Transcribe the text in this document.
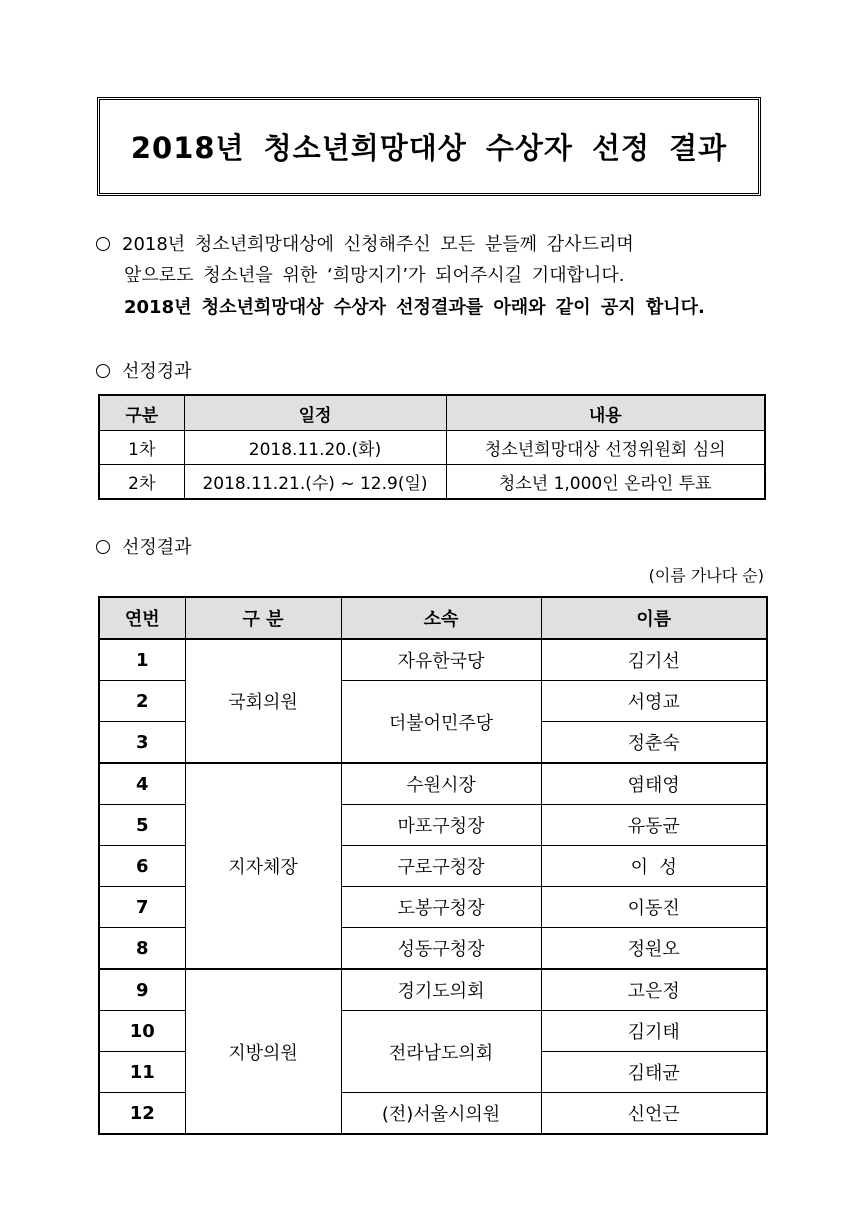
2018년 청소년희망대상 수상자 선정 결과
2018년 청소년희망대상에 신청해주신 모든 분들께 감사드리며
앞으로도 청소년을 위한 ‘희망지기’가 되어주시길 기대합니다.
2018년 청소년희망대상 수상자 선정결과를 아래와 같이 공지 합니다.
선정경과
구분	일정	내용
1차	2018.11.20.(화)	청소년희망대상 선정위원회 심의
2차	2018.11.21.(수) ~ 12.9(일)	청소년 1,000인 온라인 투표
선정결과
(이름 가나다 순)
연번	구 분	소속	이름
1	국회의원	자유한국당	김기선
2		더불어민주당	서영교
3			정춘숙
4	지자체장	수원시장	염태영
5		마포구청장	유동균
6		구로구청장	이  성
7		도봉구청장	이동진
8		성동구청장	정원오
9	지방의원	경기도의회	고은정
10		전라남도의회	김기태
11			김태균
12		(전)서울시의원	신언근
